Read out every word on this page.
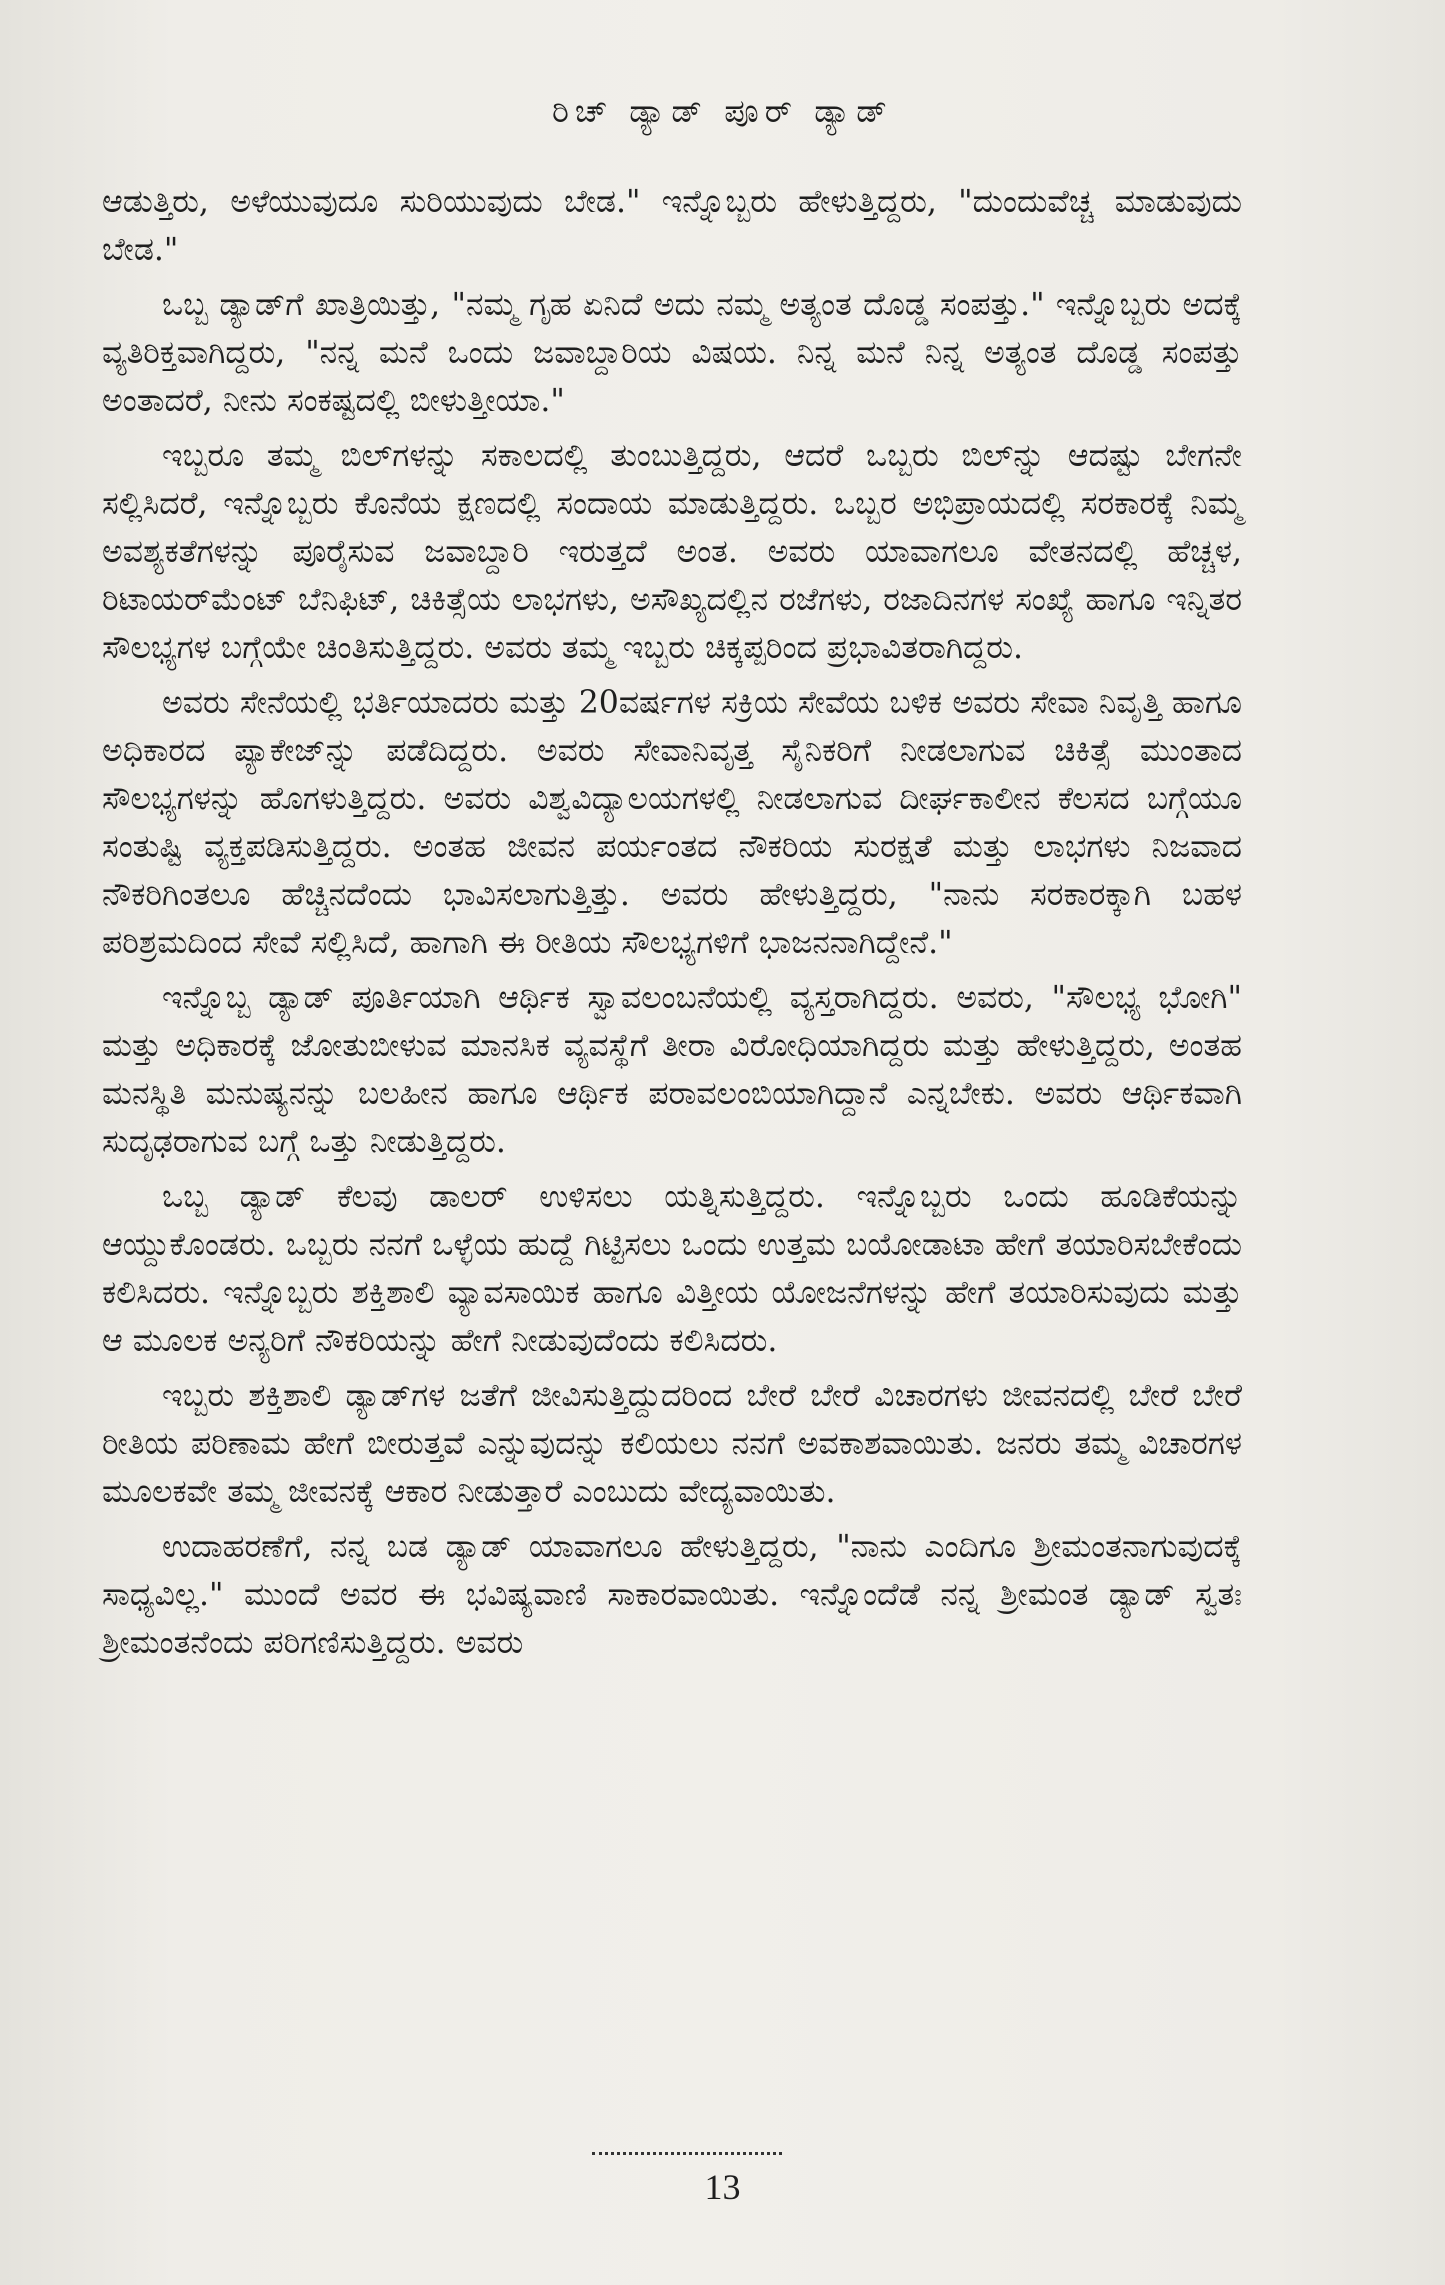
ರಿಚ್ ಡ್ಯಾಡ್ ಪೂರ್ ಡ್ಯಾಡ್

ಆಡುತ್ತಿರು, ಅಳೆಯುವುದೂ ಸುರಿಯುವುದು ಬೇಡ." ಇನ್ನೊಬ್ಬರು ಹೇಳುತ್ತಿದ್ದರು, "ದುಂದುವೆಚ್ಚ ಮಾಡುವುದು ಬೇಡ."

ಒಬ್ಬ ಡ್ಯಾಡ್‌ಗೆ ಖಾತ್ರಿಯಿತ್ತು, "ನಮ್ಮ ಗೃಹ ಏನಿದೆ ಅದು ನಮ್ಮ ಅತ್ಯಂತ ದೊಡ್ಡ ಸಂಪತ್ತು." ಇನ್ನೊಬ್ಬರು ಅದಕ್ಕೆ ವ್ಯತಿರಿಕ್ತವಾಗಿದ್ದರು, "ನನ್ನ ಮನೆ ಒಂದು ಜವಾಬ್ದಾರಿಯ ವಿಷಯ. ನಿನ್ನ ಮನೆ ನಿನ್ನ ಅತ್ಯಂತ ದೊಡ್ಡ ಸಂಪತ್ತು ಅಂತಾದರೆ, ನೀನು ಸಂಕಷ್ಟದಲ್ಲಿ ಬೀಳುತ್ತೀಯಾ."

ಇಬ್ಬರೂ ತಮ್ಮ ಬಿಲ್‌ಗಳನ್ನು ಸಕಾಲದಲ್ಲಿ ತುಂಬುತ್ತಿದ್ದರು, ಆದರೆ ಒಬ್ಬರು ಬಿಲ್‌ನ್ನು ಆದಷ್ಟು ಬೇಗನೇ ಸಲ್ಲಿಸಿದರೆ, ಇನ್ನೊಬ್ಬರು ಕೊನೆಯ ಕ್ಷಣದಲ್ಲಿ ಸಂದಾಯ ಮಾಡುತ್ತಿದ್ದರು. ಒಬ್ಬರ ಅಭಿಪ್ರಾಯದಲ್ಲಿ ಸರಕಾರಕ್ಕೆ ನಿಮ್ಮ ಅವಶ್ಯಕತೆಗಳನ್ನು ಪೂರೈಸುವ ಜವಾಬ್ದಾರಿ ಇರುತ್ತದೆ ಅಂತ. ಅವರು ಯಾವಾಗಲೂ ವೇತನದಲ್ಲಿ ಹೆಚ್ಚಳ, ರಿಟಾಯರ್‌ಮೆಂಟ್ ಬೆನಿಫಿಟ್, ಚಿಕಿತ್ಸೆಯ ಲಾಭಗಳು, ಅಸೌಖ್ಯದಲ್ಲಿನ ರಜೆಗಳು, ರಜಾದಿನಗಳ ಸಂಖ್ಯೆ ಹಾಗೂ ಇನ್ನಿತರ ಸೌಲಭ್ಯಗಳ ಬಗ್ಗೆಯೇ ಚಿಂತಿಸುತ್ತಿದ್ದರು. ಅವರು ತಮ್ಮ ಇಬ್ಬರು ಚಿಕ್ಕಪ್ಪರಿಂದ ಪ್ರಭಾವಿತರಾಗಿದ್ದರು.

ಅವರು ಸೇನೆಯಲ್ಲಿ ಭರ್ತಿಯಾದರು ಮತ್ತು 20ವರ್ಷಗಳ ಸಕ್ರಿಯ ಸೇವೆಯ ಬಳಿಕ ಅವರು ಸೇವಾ ನಿವೃತ್ತಿ ಹಾಗೂ ಅಧಿಕಾರದ ಪ್ಯಾಕೇಜ್‌ನ್ನು ಪಡೆದಿದ್ದರು. ಅವರು ಸೇವಾನಿವೃತ್ತ ಸೈನಿಕರಿಗೆ ನೀಡಲಾಗುವ ಚಿಕಿತ್ಸೆ ಮುಂತಾದ ಸೌಲಭ್ಯಗಳನ್ನು ಹೊಗಳುತ್ತಿದ್ದರು. ಅವರು ವಿಶ್ವವಿದ್ಯಾಲಯಗಳಲ್ಲಿ ನೀಡಲಾಗುವ ದೀರ್ಘಕಾಲೀನ ಕೆಲಸದ ಬಗ್ಗೆಯೂ ಸಂತುಷ್ಟಿ ವ್ಯಕ್ತಪಡಿಸುತ್ತಿದ್ದರು. ಅಂತಹ ಜೀವನ ಪರ್ಯಂತದ ನೌಕರಿಯ ಸುರಕ್ಷತೆ ಮತ್ತು ಲಾಭಗಳು ನಿಜವಾದ ನೌಕರಿಗಿಂತಲೂ ಹೆಚ್ಚಿನದೆಂದು ಭಾವಿಸಲಾಗುತ್ತಿತ್ತು. ಅವರು ಹೇಳುತ್ತಿದ್ದರು, "ನಾನು ಸರಕಾರಕ್ಕಾಗಿ ಬಹಳ ಪರಿಶ್ರಮದಿಂದ ಸೇವೆ ಸಲ್ಲಿಸಿದೆ, ಹಾಗಾಗಿ ಈ ರೀತಿಯ ಸೌಲಭ್ಯಗಳಿಗೆ ಭಾಜನನಾಗಿದ್ದೇನೆ."

ಇನ್ನೊಬ್ಬ ಡ್ಯಾಡ್ ಪೂರ್ತಿಯಾಗಿ ಆರ್ಥಿಕ ಸ್ವಾವಲಂಬನೆಯಲ್ಲಿ ವ್ಯಸ್ತರಾಗಿದ್ದರು. ಅವರು, "ಸೌಲಭ್ಯ ಭೋಗಿ" ಮತ್ತು ಅಧಿಕಾರಕ್ಕೆ ಜೋತುಬೀಳುವ ಮಾನಸಿಕ ವ್ಯವಸ್ಥೆಗೆ ತೀರಾ ವಿರೋಧಿಯಾಗಿದ್ದರು ಮತ್ತು ಹೇಳುತ್ತಿದ್ದರು, ಅಂತಹ ಮನಸ್ಥಿತಿ ಮನುಷ್ಯನನ್ನು ಬಲಹೀನ ಹಾಗೂ ಆರ್ಥಿಕ ಪರಾವಲಂಬಿಯಾಗಿದ್ದಾನೆ ಎನ್ನಬೇಕು. ಅವರು ಆರ್ಥಿಕವಾಗಿ ಸುದೃಢರಾಗುವ ಬಗ್ಗೆ ಒತ್ತು ನೀಡುತ್ತಿದ್ದರು.

ಒಬ್ಬ ಡ್ಯಾಡ್ ಕೆಲವು ಡಾಲರ್ ಉಳಿಸಲು ಯತ್ನಿಸುತ್ತಿದ್ದರು. ಇನ್ನೊಬ್ಬರು ಒಂದು ಹೂಡಿಕೆಯನ್ನು ಆಯ್ದುಕೊಂಡರು. ಒಬ್ಬರು ನನಗೆ ಒಳ್ಳೆಯ ಹುದ್ದೆ ಗಿಟ್ಟಿಸಲು ಒಂದು ಉತ್ತಮ ಬಯೋಡಾಟಾ ಹೇಗೆ ತಯಾರಿಸಬೇಕೆಂದು ಕಲಿಸಿದರು. ಇನ್ನೊಬ್ಬರು ಶಕ್ತಿಶಾಲಿ ವ್ಯಾವಸಾಯಿಕ ಹಾಗೂ ವಿತ್ತೀಯ ಯೋಜನೆಗಳನ್ನು ಹೇಗೆ ತಯಾರಿಸುವುದು ಮತ್ತು ಆ ಮೂಲಕ ಅನ್ಯರಿಗೆ ನೌಕರಿಯನ್ನು ಹೇಗೆ ನೀಡುವುದೆಂದು ಕಲಿಸಿದರು.

ಇಬ್ಬರು ಶಕ್ತಿಶಾಲಿ ಡ್ಯಾಡ್‌ಗಳ ಜತೆಗೆ ಜೀವಿಸುತ್ತಿದ್ದುದರಿಂದ ಬೇರೆ ಬೇರೆ ವಿಚಾರಗಳು ಜೀವನದಲ್ಲಿ ಬೇರೆ ಬೇರೆ ರೀತಿಯ ಪರಿಣಾಮ ಹೇಗೆ ಬೀರುತ್ತವೆ ಎನ್ನುವುದನ್ನು ಕಲಿಯಲು ನನಗೆ ಅವಕಾಶವಾಯಿತು. ಜನರು ತಮ್ಮ ವಿಚಾರಗಳ ಮೂಲಕವೇ ತಮ್ಮ ಜೀವನಕ್ಕೆ ಆಕಾರ ನೀಡುತ್ತಾರೆ ಎಂಬುದು ವೇದ್ಯವಾಯಿತು.

ಉದಾಹರಣೆಗೆ, ನನ್ನ ಬಡ ಡ್ಯಾಡ್ ಯಾವಾಗಲೂ ಹೇಳುತ್ತಿದ್ದರು, "ನಾನು ಎಂದಿಗೂ ಶ್ರೀಮಂತನಾಗುವುದಕ್ಕೆ ಸಾಧ್ಯವಿಲ್ಲ." ಮುಂದೆ ಅವರ ಈ ಭವಿಷ್ಯವಾಣಿ ಸಾಕಾರವಾಯಿತು. ಇನ್ನೊಂದೆಡೆ ನನ್ನ ಶ್ರೀಮಂತ ಡ್ಯಾಡ್ ಸ್ವತಃ ಶ್ರೀಮಂತನೆಂದು ಪರಿಗಣಿಸುತ್ತಿದ್ದರು. ಅವರು

13
